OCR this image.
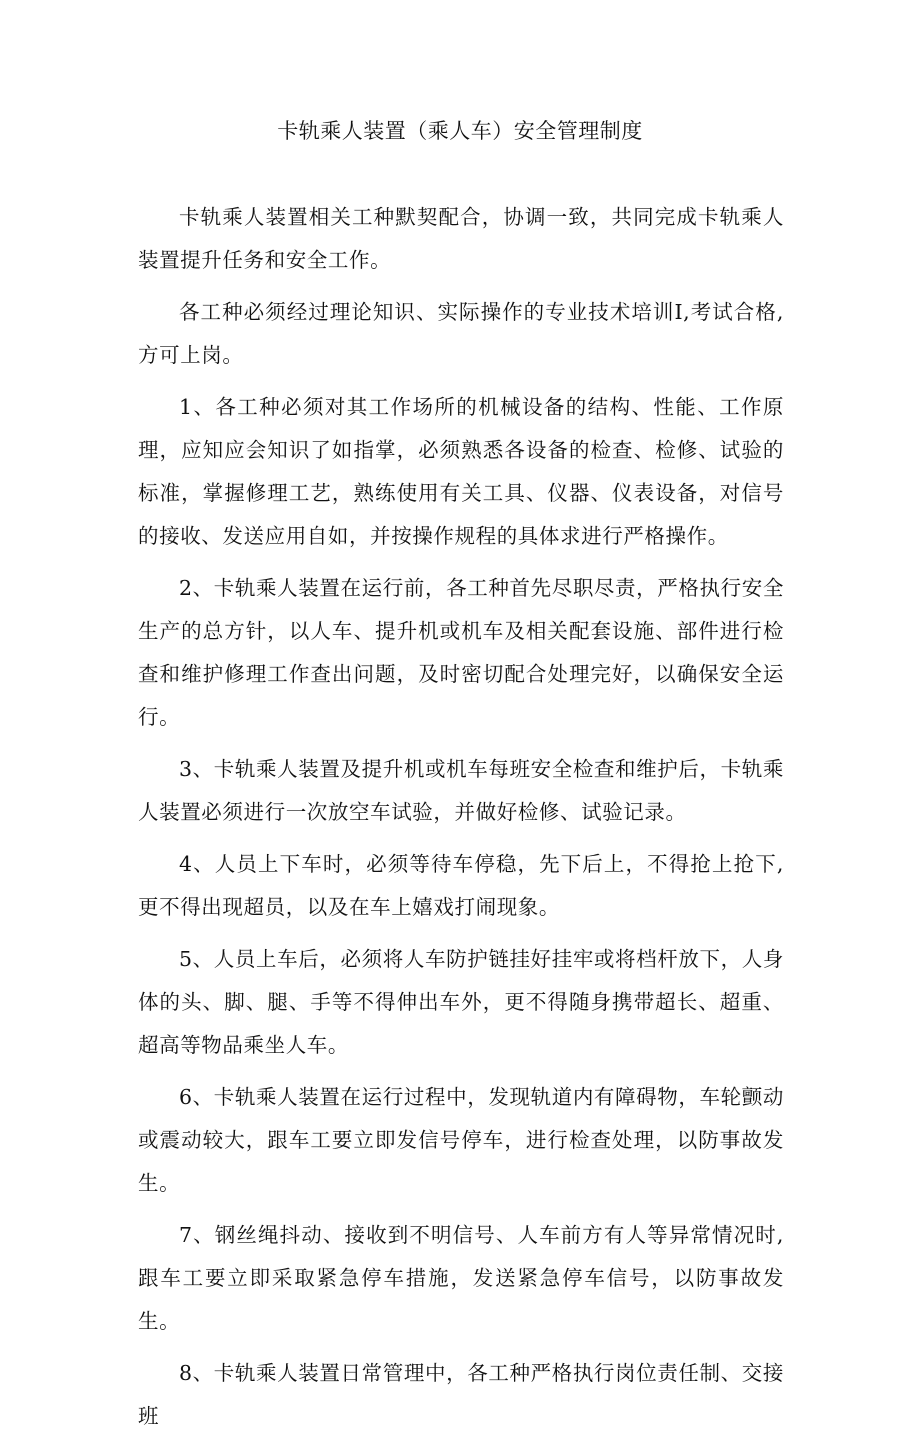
卡轨乘人装置（乘人车）安全管理制度

卡轨乘人装置相关工种默契配合，协调一致，共同完成卡轨乘人装置提升任务和安全工作。

各工种必须经过理论知识、实际操作的专业技术培训I,考试合格,方可上岗。

1、各工种必须对其工作场所的机械设备的结构、性能、工作原理，应知应会知识了如指掌，必须熟悉各设备的检查、检修、试验的标准，掌握修理工艺，熟练使用有关工具、仪器、仪表设备，对信号的接收、发送应用自如，并按操作规程的具体求进行严格操作。

2、卡轨乘人装置在运行前，各工种首先尽职尽责，严格执行安全生产的总方针，以人车、提升机或机车及相关配套设施、部件进行检查和维护修理工作查出问题，及时密切配合处理完好，以确保安全运行。

3、卡轨乘人装置及提升机或机车每班安全检查和维护后，卡轨乘人装置必须进行一次放空车试验，并做好检修、试验记录。

4、人员上下车时，必须等待车停稳，先下后上，不得抢上抢下,更不得出现超员，以及在车上嬉戏打闹现象。

5、人员上车后，必须将人车防护链挂好挂牢或将档杆放下，人身体的头、脚、腿、手等不得伸出车外，更不得随身携带超长、超重、超高等物品乘坐人车。

6、卡轨乘人装置在运行过程中，发现轨道内有障碍物，车轮颤动或震动较大，跟车工要立即发信号停车，进行检查处理，以防事故发生。

7、钢丝绳抖动、接收到不明信号、人车前方有人等异常情况时,跟车工要立即采取紧急停车措施，发送紧急停车信号，以防事故发生。

8、卡轨乘人装置日常管理中，各工种严格执行岗位责任制、交接班
